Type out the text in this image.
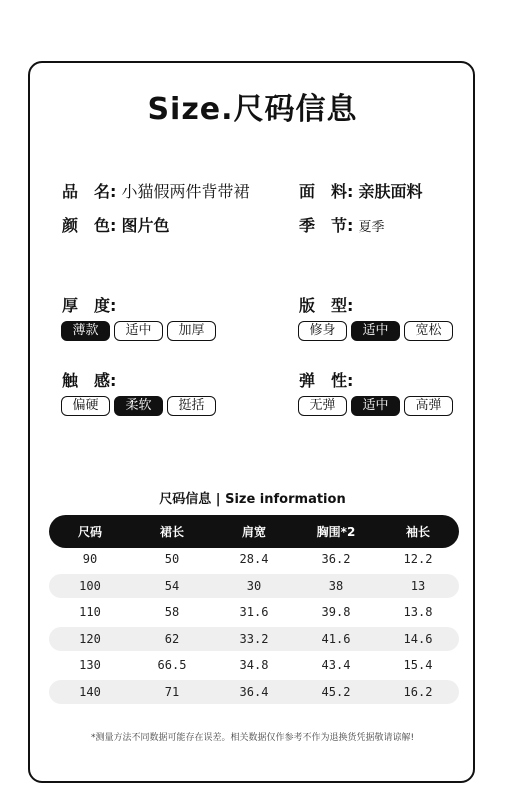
Size.尺码信息
品　名: 小猫假两件背带裙	面　料: 亲肤面料
颜　色: 图片色	季　节: 夏季
厚　度:
薄款	适中	加厚
版　型:
修身	适中	宽松
触　感:
偏硬	柔软	挺括
弹　性:
无弹	适中	高弹
尺码信息 | Size information
尺码	裙长	肩宽	胸围*2	袖长
90	50	28.4	36.2	12.2
100	54	30	38	13
110	58	31.6	39.8	13.8
120	62	33.2	41.6	14.6
130	66.5	34.8	43.4	15.4
140	71	36.4	45.2	16.2
*测量方法不同数据可能存在误差。相关数据仅作参考不作为退换货凭据敬请谅解!
